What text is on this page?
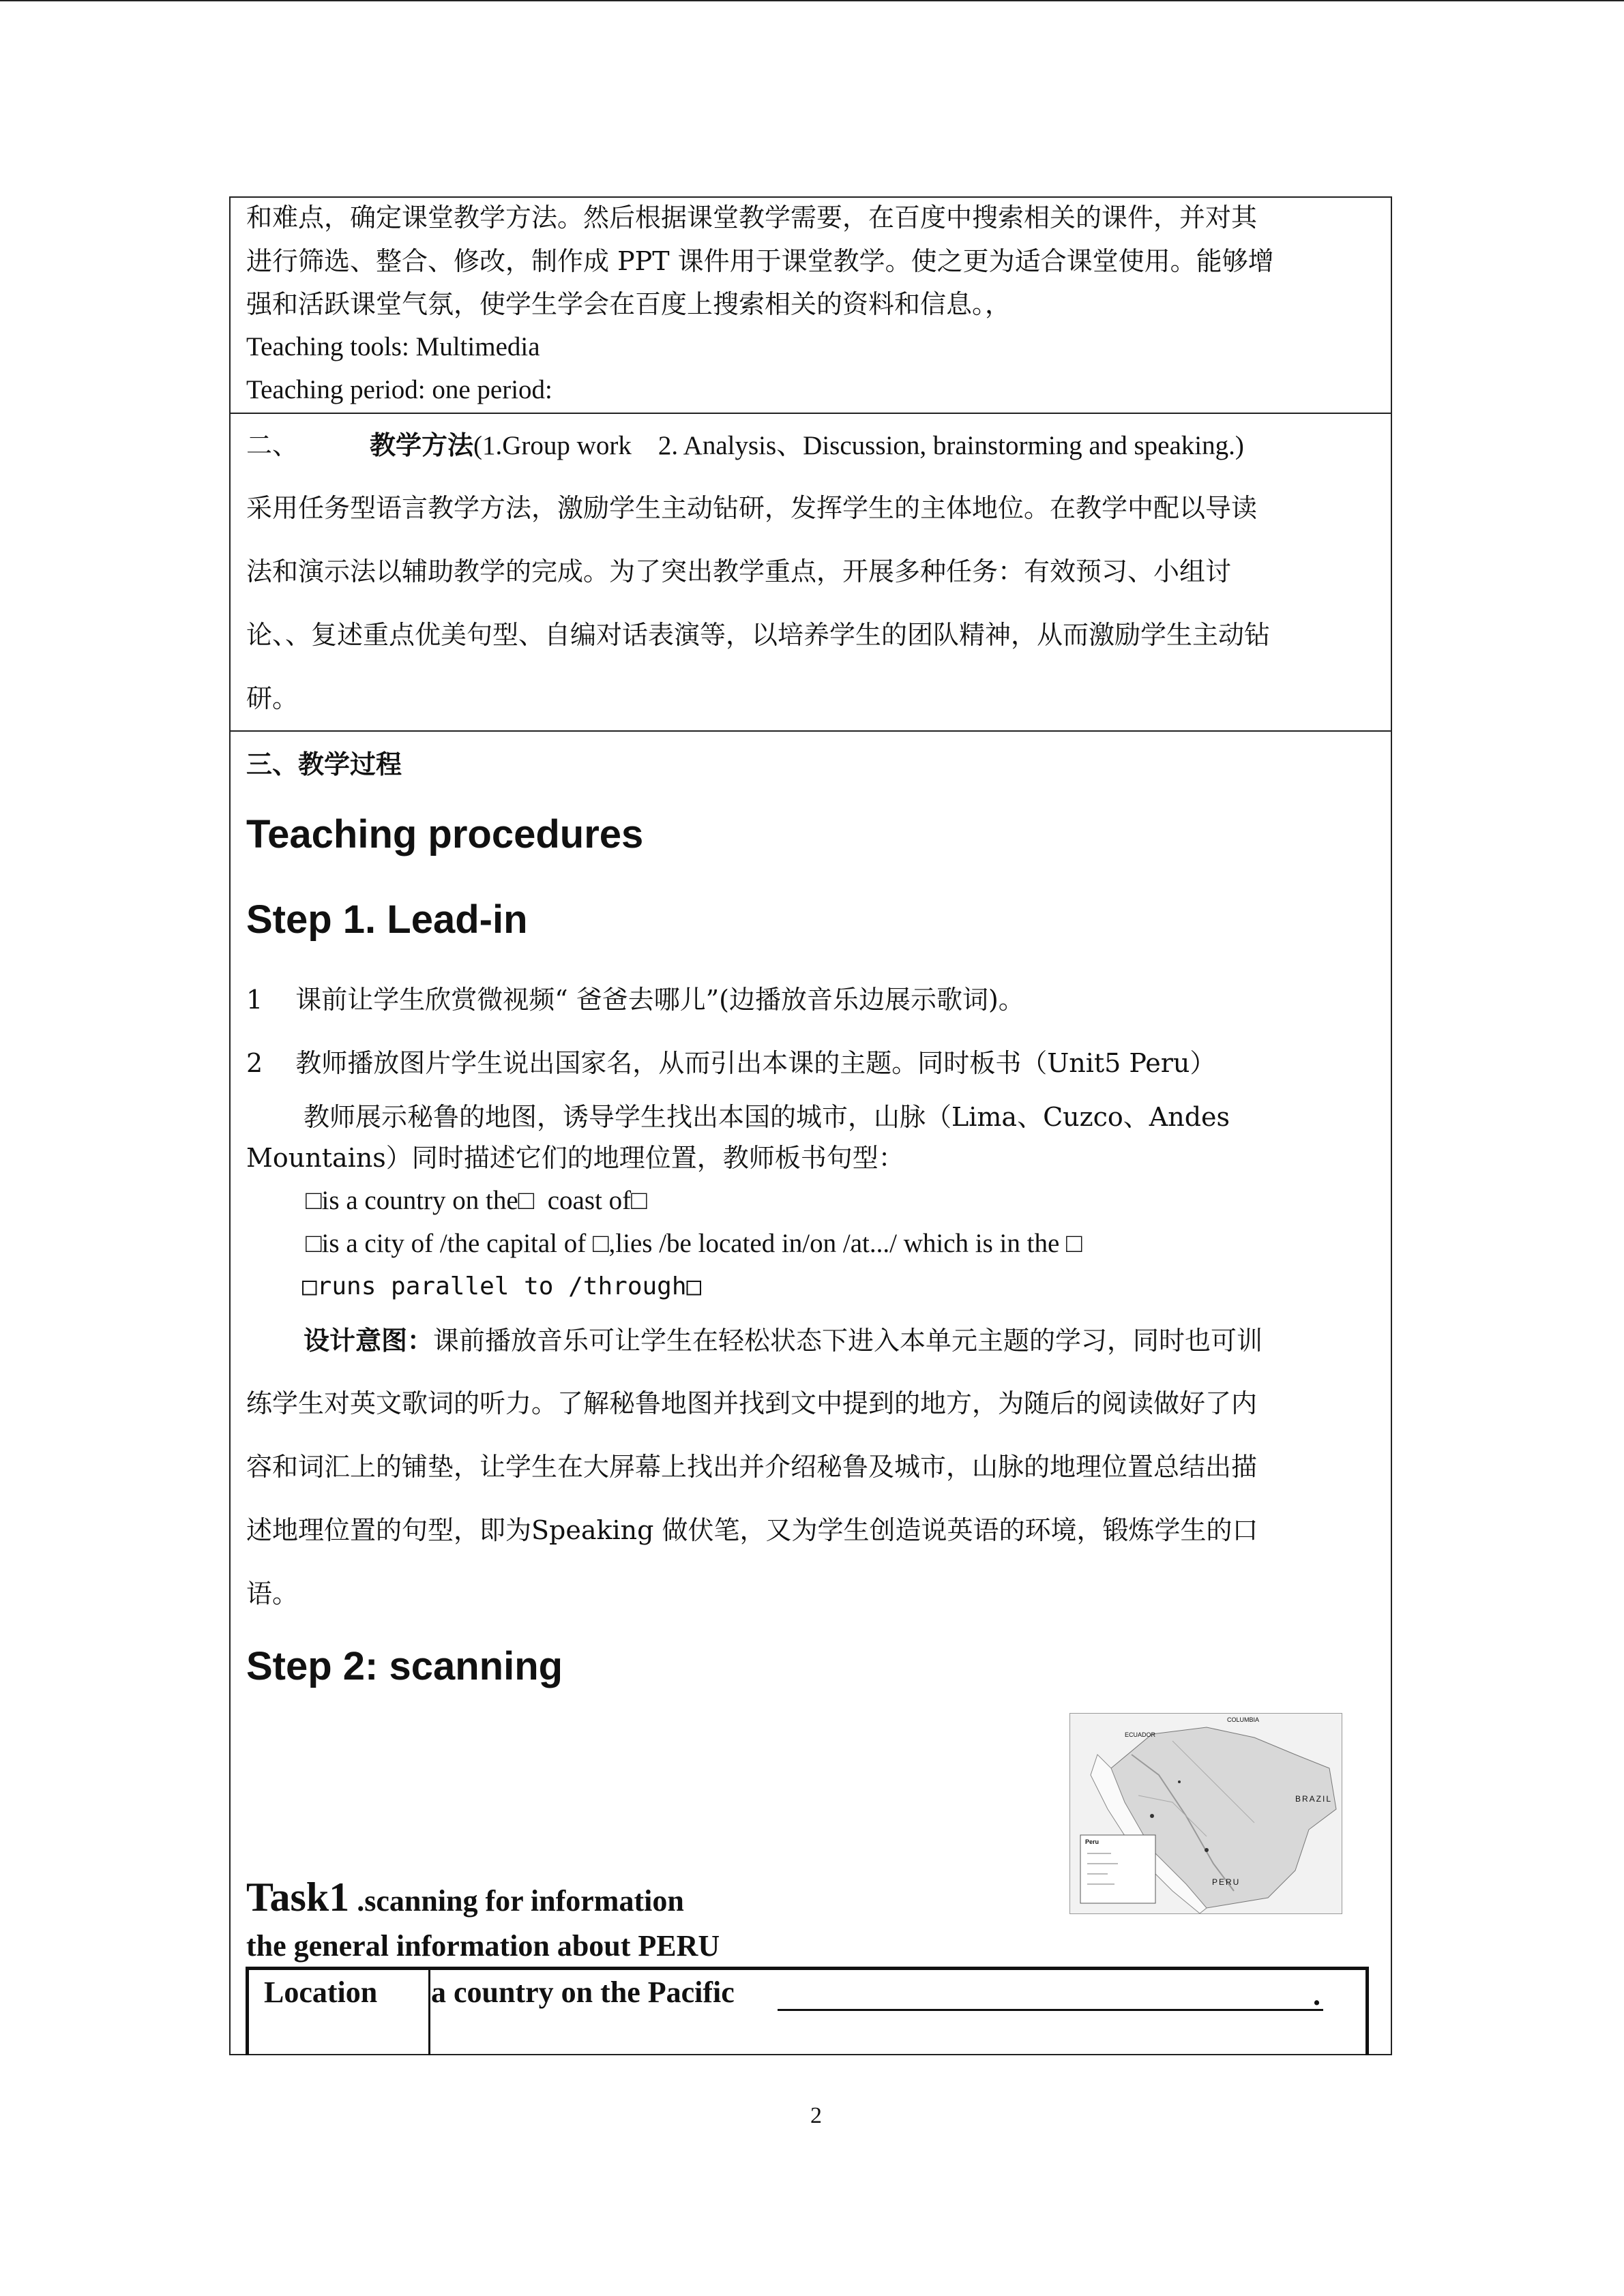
和难点，确定课堂教学方法。然后根据课堂教学需要，在百度中搜索相关的课件，并对其
进行筛选、整合、修改，制作成 PPT 课件用于课堂教学。使之更为适合课堂使用。能够增
强和活跃课堂气氛，使学生学会在百度上搜索相关的资料和信息。，
Teaching tools: Multimedia
Teaching period: one period:
二、	教学方法(1.Group work    2. Analysis、Discussion, brainstorming and speaking.)
采用任务型语言教学方法，激励学生主动钻研，发挥学生的主体地位。在教学中配以导读
法和演示法以辅助教学的完成。为了突出教学重点，开展多种任务：有效预习、小组讨
论、、复述重点优美句型、自编对话表演等，以培养学生的团队精神，从而激励学生主动钻
研。
三、教学过程
Teaching procedures
Step 1. Lead-in
1 课前让学生欣赏微视频“ 爸爸去哪儿”(边播放音乐边展示歌词)。
2 教师播放图片学生说出国家名，从而引出本课的主题。同时板书（Unit5 Peru）
教师展示秘鲁的地图，诱导学生找出本国的城市，山脉（Lima、Cuzco、Andes
Mountains）同时描述它们的地理位置，教师板书句型：
□is a country on the□  coast of□
□is a city of /the capital of □,lies /be located in/on /at.../ which is in the □
□runs parallel to /through□
设计意图：课前播放音乐可让学生在轻松状态下进入本单元主题的学习，同时也可训
练学生对英文歌词的听力。了解秘鲁地图并找到文中提到的地方，为随后的阅读做好了内
容和词汇上的铺垫，让学生在大屏幕上找出并介绍秘鲁及城市，山脉的地理位置总结出描
述地理位置的句型，即为Speaking 做伏笔，又为学生创造说英语的环境，锻炼学生的口
语。
Step 2: scanning
COLUMBIA
ECUADOR
BRAZIL
PERU
Peru
Task1 .scanning for information
the general information about PERU
Location a country on the Pacific	.
2
